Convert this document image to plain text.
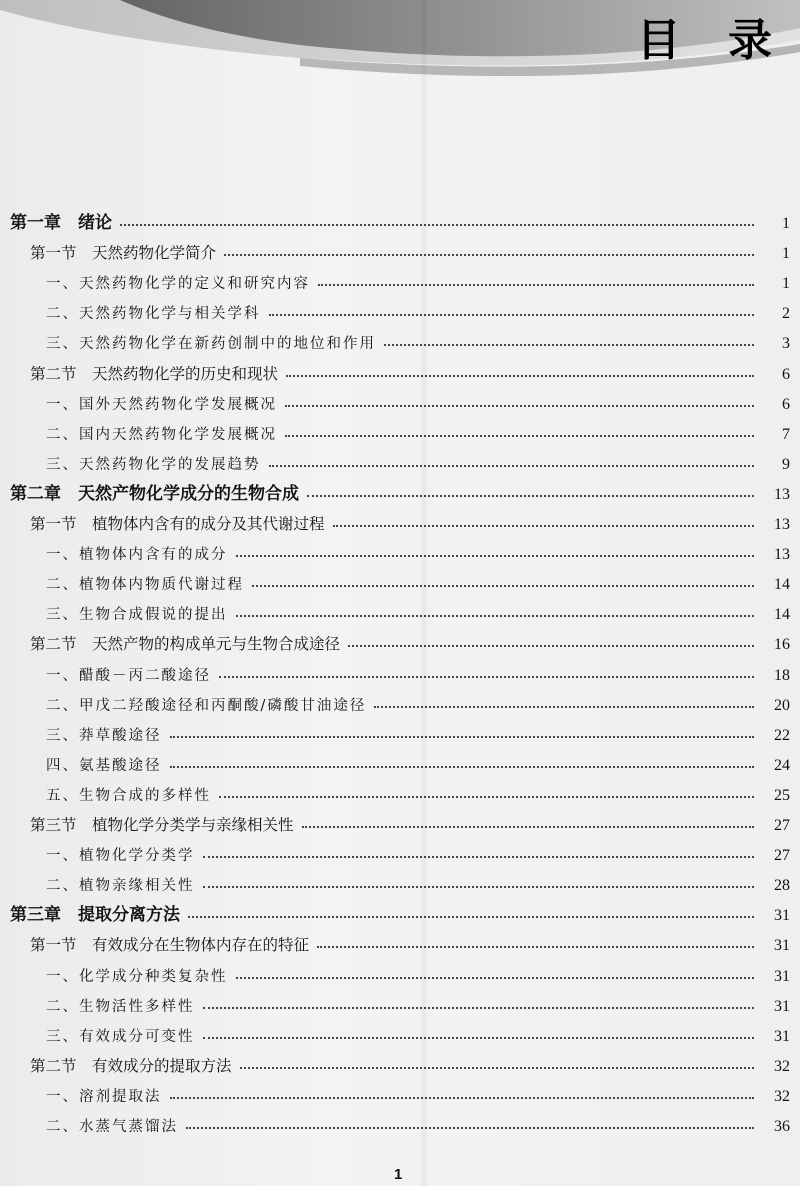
目 录
第一章　绪论	1
第一节　天然药物化学简介	1
一、天然药物化学的定义和研究内容	1
二、天然药物化学与相关学科	2
三、天然药物化学在新药创制中的地位和作用	3
第二节　天然药物化学的历史和现状	6
一、国外天然药物化学发展概况	6
二、国内天然药物化学发展概况	7
三、天然药物化学的发展趋势	9
第二章　天然产物化学成分的生物合成	13
第一节　植物体内含有的成分及其代谢过程	13
一、植物体内含有的成分	13
二、植物体内物质代谢过程	14
三、生物合成假说的提出	14
第二节　天然产物的构成单元与生物合成途径	16
一、醋酸－丙二酸途径	18
二、甲戊二羟酸途径和丙酮酸/磷酸甘油途径	20
三、莽草酸途径	22
四、氨基酸途径	24
五、生物合成的多样性	25
第三节　植物化学分类学与亲缘相关性	27
一、植物化学分类学	27
二、植物亲缘相关性	28
第三章　提取分离方法	31
第一节　有效成分在生物体内存在的特征	31
一、化学成分种类复杂性	31
二、生物活性多样性	31
三、有效成分可变性	31
第二节　有效成分的提取方法	32
一、溶剂提取法	32
二、水蒸气蒸馏法	36
1
